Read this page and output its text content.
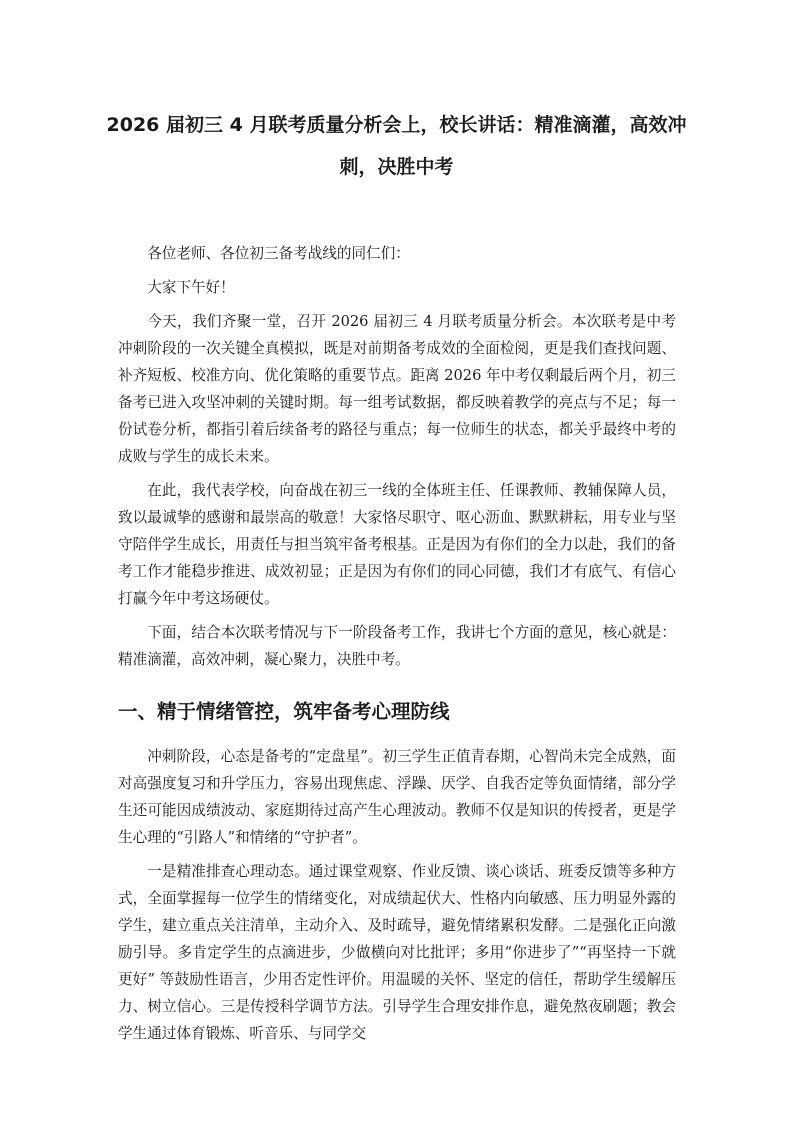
2026 届初三 4 月联考质量分析会上，校长讲话：精准滴灌，高效冲刺，决胜中考

各位老师、各位初三备考战线的同仁们：

大家下午好！

今天，我们齐聚一堂，召开 2026 届初三 4 月联考质量分析会。本次联考是中考冲刺阶段的一次关键全真模拟，既是对前期备考成效的全面检阅，更是我们查找问题、补齐短板、校准方向、优化策略的重要节点。距离 2026 年中考仅剩最后两个月，初三备考已进入攻坚冲刺的关键时期。每一组考试数据，都反映着教学的亮点与不足；每一份试卷分析，都指引着后续备考的路径与重点；每一位师生的状态，都关乎最终中考的成败与学生的成长未来。

在此，我代表学校，向奋战在初三一线的全体班主任、任课教师、教辅保障人员，致以最诚挚的感谢和最崇高的敬意！大家恪尽职守、呕心沥血、默默耕耘，用专业与坚守陪伴学生成长，用责任与担当筑牢备考根基。正是因为有你们的全力以赴，我们的备考工作才能稳步推进、成效初显；正是因为有你们的同心同德，我们才有底气、有信心打赢今年中考这场硬仗。

下面，结合本次联考情况与下一阶段备考工作，我讲七个方面的意见，核心就是：精准滴灌，高效冲刺，凝心聚力，决胜中考。

一、精于情绪管控，筑牢备考心理防线

冲刺阶段，心态是备考的“定盘星”。初三学生正值青春期，心智尚未完全成熟，面对高强度复习和升学压力，容易出现焦虑、浮躁、厌学、自我否定等负面情绪，部分学生还可能因成绩波动、家庭期待过高产生心理波动。教师不仅是知识的传授者，更是学生心理的“引路人”和情绪的“守护者”。

一是精准排查心理动态。通过课堂观察、作业反馈、谈心谈话、班委反馈等多种方式，全面掌握每一位学生的情绪变化，对成绩起伏大、性格内向敏感、压力明显外露的学生，建立重点关注清单，主动介入、及时疏导，避免情绪累积发酵。二是强化正向激励引导。多肯定学生的点滴进步，少做横向对比批评；多用“你进步了”“再坚持一下就更好” 等鼓励性语言，少用否定性评价。用温暖的关怀、坚定的信任，帮助学生缓解压力、树立信心。三是传授科学调节方法。引导学生合理安排作息，避免熬夜刷题；教会学生通过体育锻炼、听音乐、与同学交
